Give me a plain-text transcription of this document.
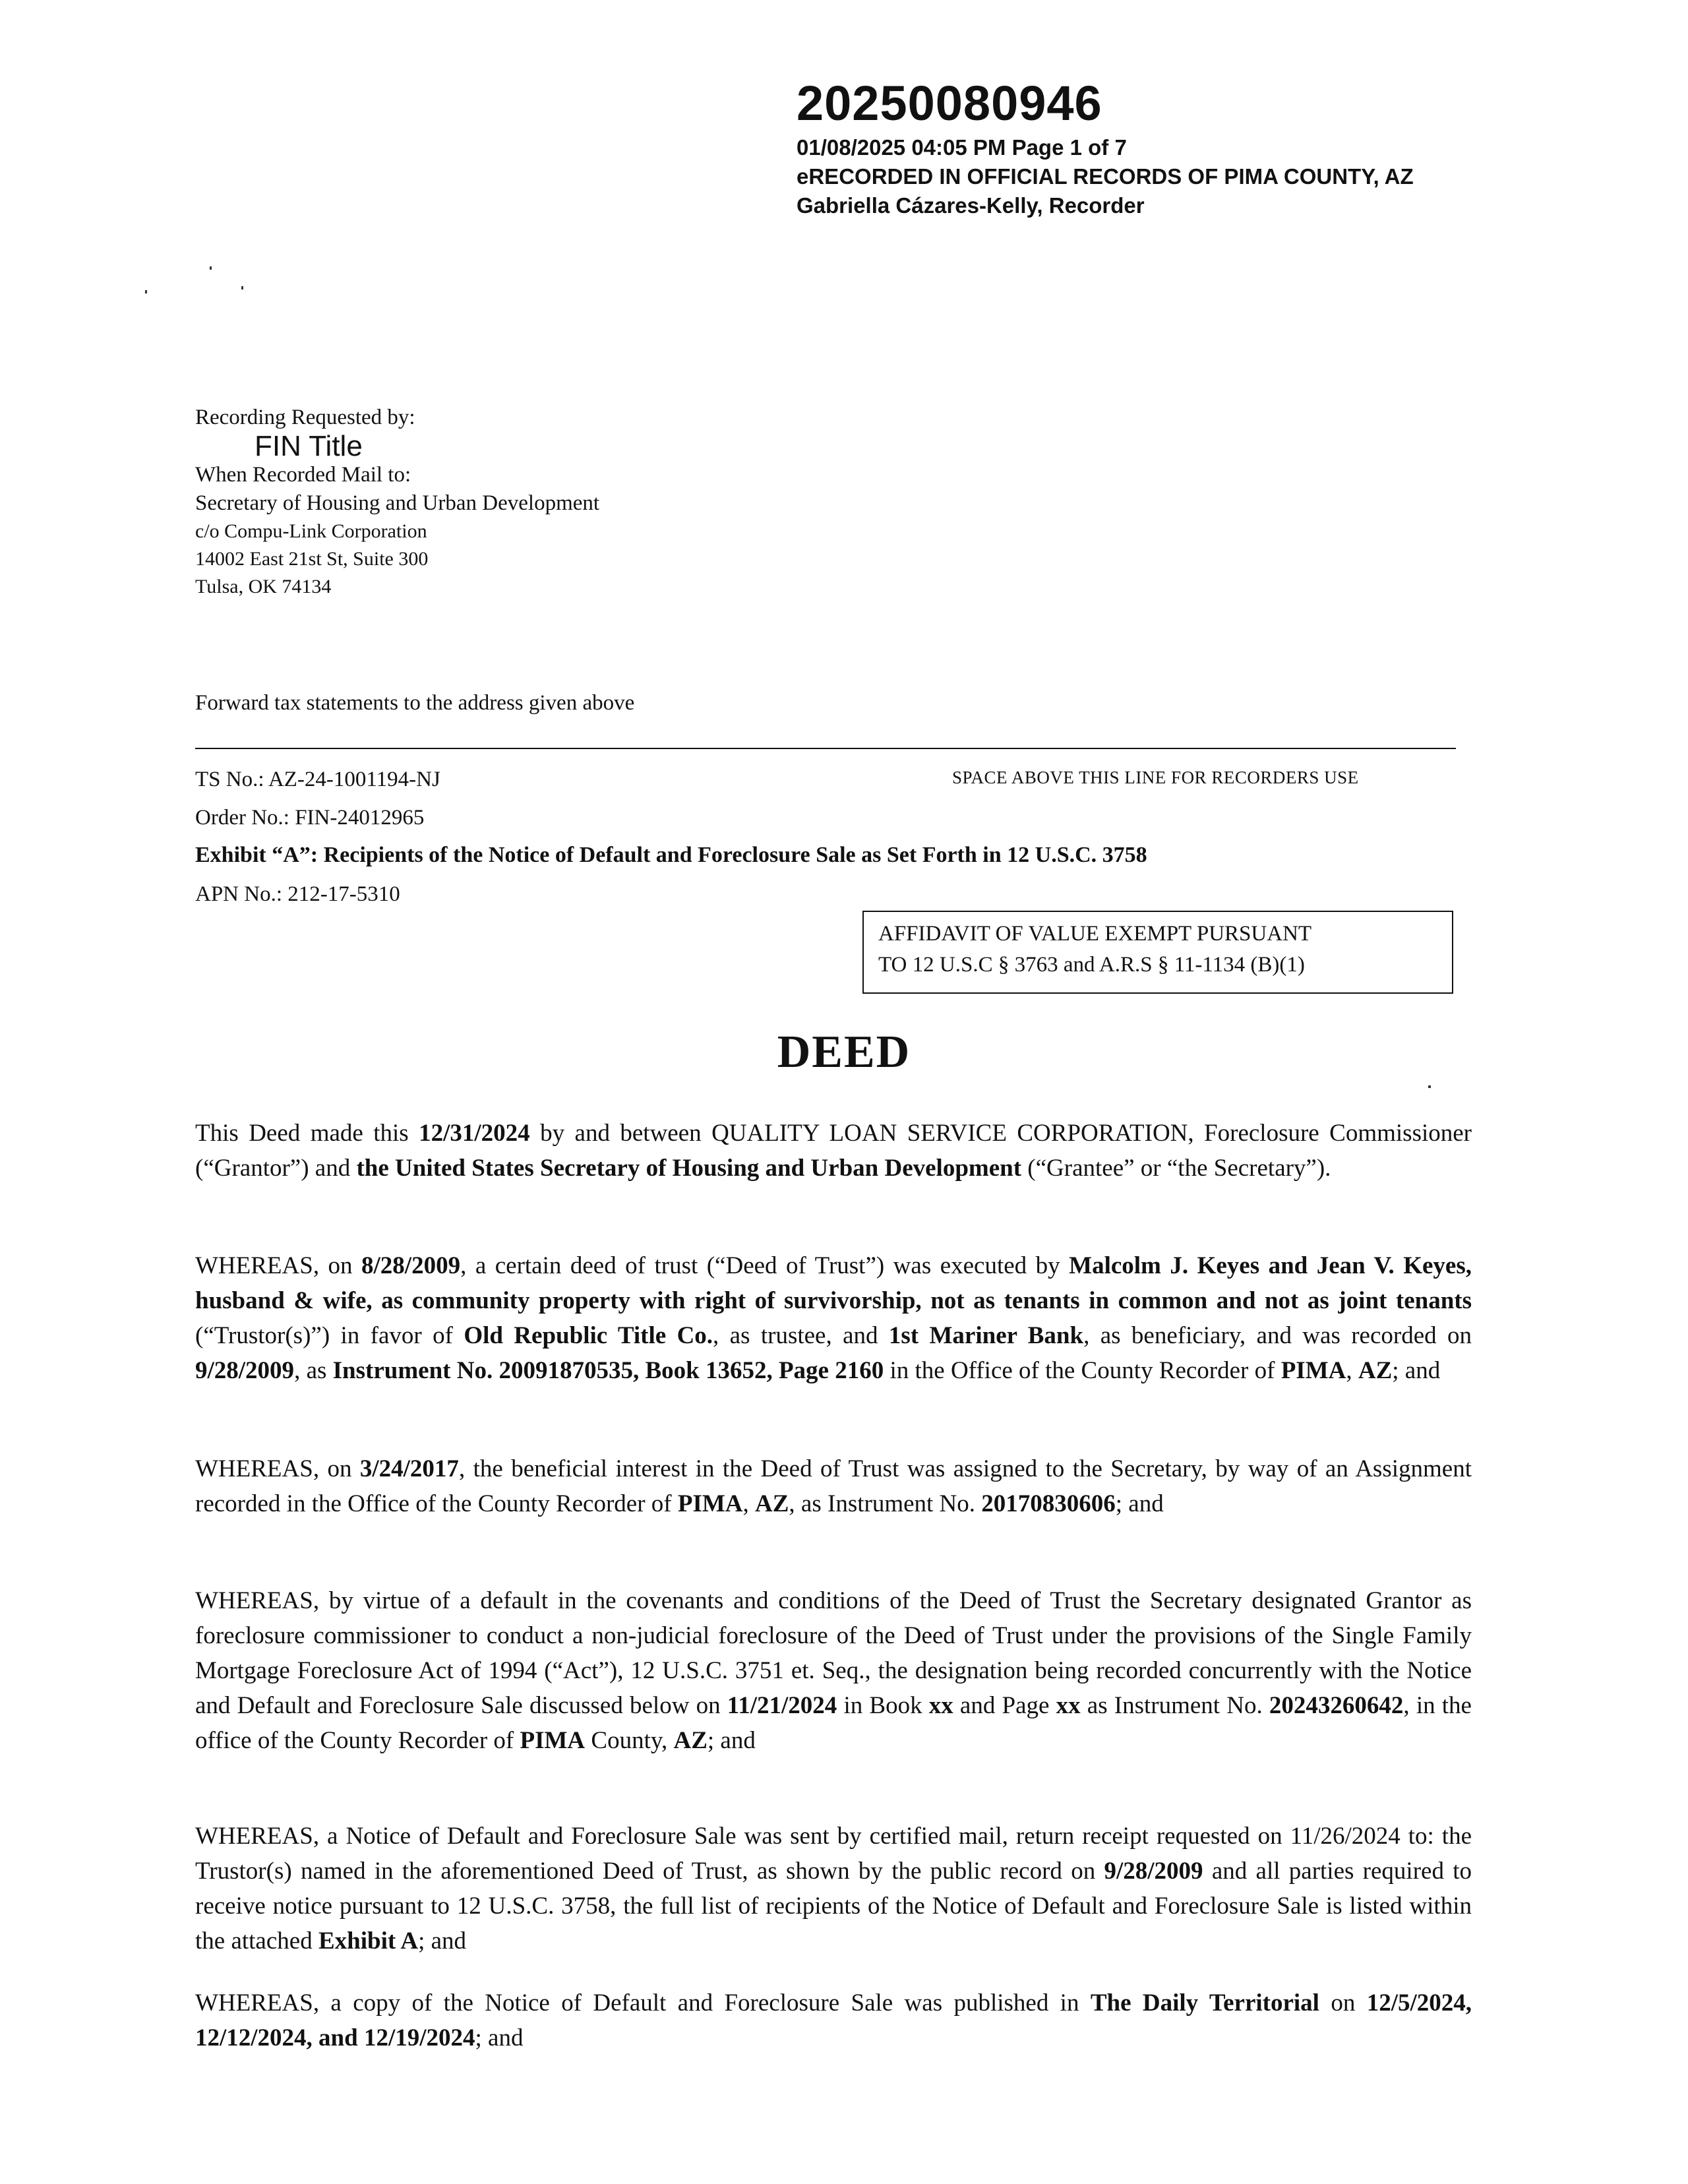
20250080946
01/08/2025 04:05 PM Page 1 of 7
eRECORDED IN OFFICIAL RECORDS OF PIMA COUNTY, AZ
Gabriella Cázares-Kelly, Recorder
Recording Requested by:
FIN Title
When Recorded Mail to:
Secretary of Housing and Urban Development
c/o Compu-Link Corporation
14002 East 21st St, Suite 300
Tulsa, OK 74134
Forward tax statements to the address given above
TS No.: AZ-24-1001194-NJ	SPACE ABOVE THIS LINE FOR RECORDERS USE
Order No.: FIN-24012965
Exhibit “A”: Recipients of the Notice of Default and Foreclosure Sale as Set Forth in 12 U.S.C. 3758
APN No.: 212-17-5310
AFFIDAVIT OF VALUE EXEMPT PURSUANT
TO 12 U.S.C § 3763 and A.R.S § 11-1134 (B)(1)
DEED
This Deed made this 12/31/2024 by and between QUALITY LOAN SERVICE CORPORATION, Foreclosure Commissioner (“Grantor”) and the United States Secretary of Housing and Urban Development (“Grantee” or “the Secretary”).
WHEREAS, on 8/28/2009, a certain deed of trust (“Deed of Trust”) was executed by Malcolm J. Keyes and Jean V. Keyes, husband & wife, as community property with right of survivorship, not as tenants in common and not as joint tenants (“Trustor(s)”) in favor of Old Republic Title Co., as trustee, and 1st Mariner Bank, as beneficiary, and was recorded on 9/28/2009, as Instrument No. 20091870535, Book 13652, Page 2160 in the Office of the County Recorder of PIMA, AZ; and
WHEREAS, on 3/24/2017, the beneficial interest in the Deed of Trust was assigned to the Secretary, by way of an Assignment recorded in the Office of the County Recorder of PIMA, AZ, as Instrument No. 20170830606; and
WHEREAS, by virtue of a default in the covenants and conditions of the Deed of Trust the Secretary designated Grantor as foreclosure commissioner to conduct a non-judicial foreclosure of the Deed of Trust under the provisions of the Single Family Mortgage Foreclosure Act of 1994 (“Act”), 12 U.S.C. 3751 et. Seq., the designation being recorded concurrently with the Notice and Default and Foreclosure Sale discussed below on 11/21/2024 in Book xx and Page xx as Instrument No. 20243260642, in the office of the County Recorder of PIMA County, AZ; and
WHEREAS, a Notice of Default and Foreclosure Sale was sent by certified mail, return receipt requested on 11/26/2024 to: the Trustor(s) named in the aforementioned Deed of Trust, as shown by the public record on 9/28/2009 and all parties required to receive notice pursuant to 12 U.S.C. 3758, the full list of recipients of the Notice of Default and Foreclosure Sale is listed within the attached Exhibit A; and
WHEREAS, a copy of the Notice of Default and Foreclosure Sale was published in The Daily Territorial on 12/5/2024, 12/12/2024, and 12/19/2024; and
